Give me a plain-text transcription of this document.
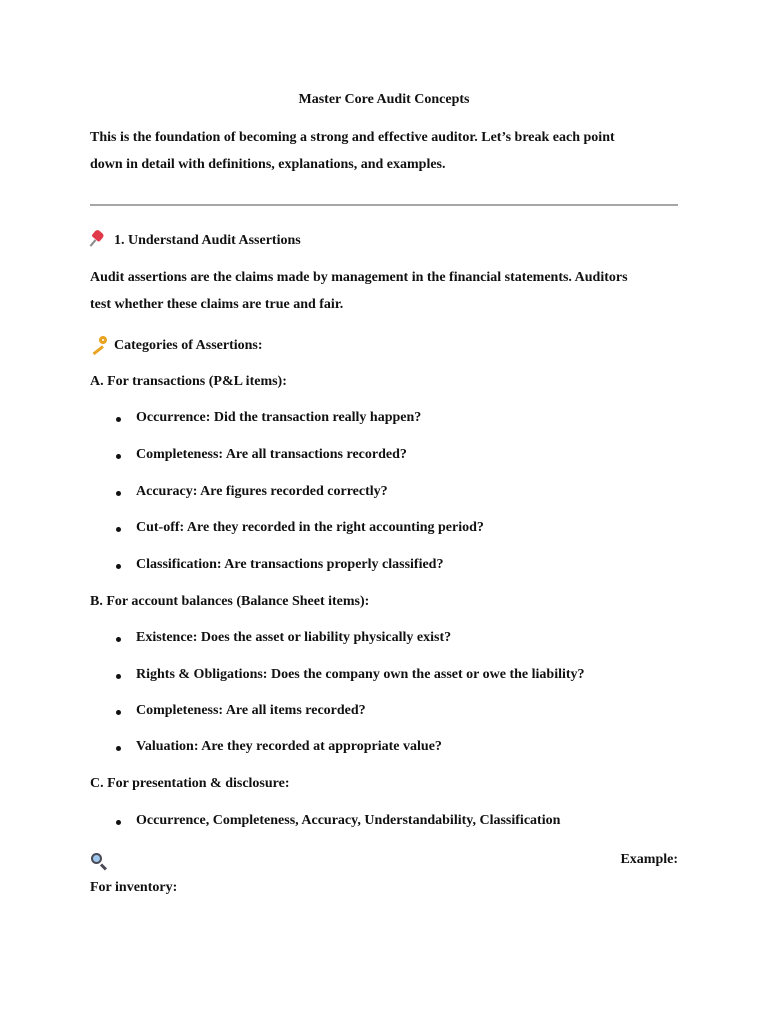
Master Core Audit Concepts
This is the foundation of becoming a strong and effective auditor. Let’s break each point
down in detail with definitions, explanations, and examples.
1. Understand Audit Assertions
Audit assertions are the claims made by management in the financial statements. Auditors
test whether these claims are true and fair.
Categories of Assertions:
A. For transactions (P&L items):
Occurrence: Did the transaction really happen?
Completeness: Are all transactions recorded?
Accuracy: Are figures recorded correctly?
Cut-off: Are they recorded in the right accounting period?
Classification: Are transactions properly classified?
B. For account balances (Balance Sheet items):
Existence: Does the asset or liability physically exist?
Rights & Obligations: Does the company own the asset or owe the liability?
Completeness: Are all items recorded?
Valuation: Are they recorded at appropriate value?
C. For presentation & disclosure:
Occurrence, Completeness, Accuracy, Understandability, Classification
Example:
For inventory:
